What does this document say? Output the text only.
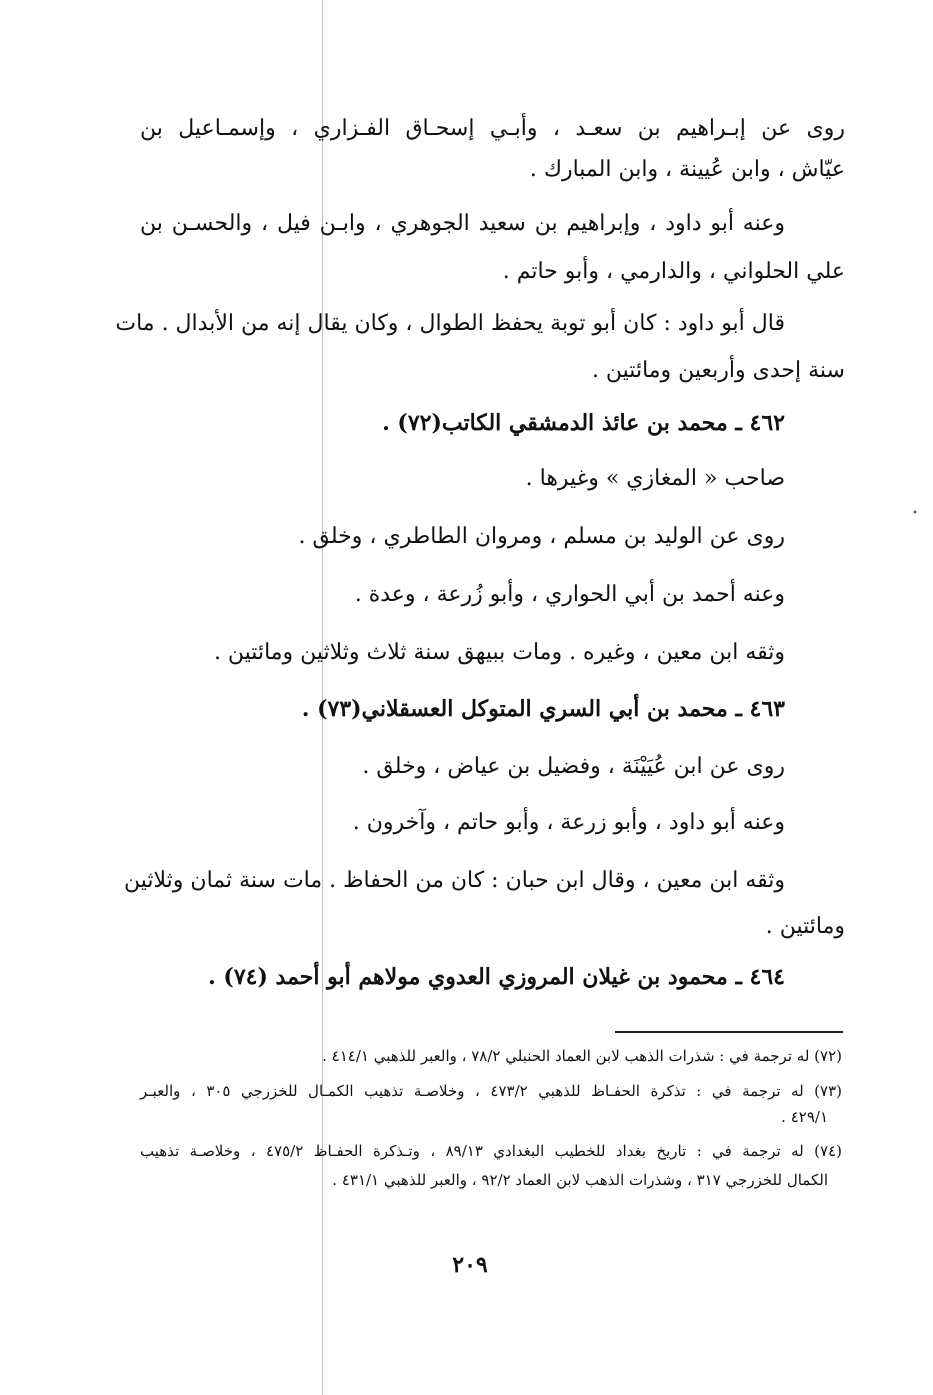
•
روى عن إبـراهيم بن سعـد ، وأبـي إسحـاق الفـزاري ، وإسمـاعيل بن
عيّاش ، وابن عُيينة ، وابن المبارك .
وعنه أبو داود ، وإبراهيم بن سعيد الجوهري ، وابـن فيل ، والحسـن بن
علي الحلواني ، والدارمي ، وأبو حاتم .
قال أبو داود : كان أبو توبة يحفظ الطوال ، وكان يقال إنه من الأبدال . مات
سنة إحدى وأربعين ومائتين .
٤٦٢ ـ محمد بن عائذ الدمشقي الكاتب(٧٢) .
صاحب « المغازي » وغيرها .
روى عن الوليد بن مسلم ، ومروان الطاطري ، وخلق .
وعنه أحمد بن أبي الحواري ، وأبو زُرعة ، وعدة .
وثقه ابن معين ، وغيره . ومات ببيهق سنة ثلاث وثلاثين ومائتين .
٤٦٣ ـ محمد بن أبي السري المتوكل العسقلاني(٧٣) .
روى عن ابن عُيَيْنَة ، وفضيل بن عياض ، وخلق .
وعنه أبو داود ، وأبو زرعة ، وأبو حاتم ، وآخرون .
وثقه ابن معين ، وقال ابن حبان : كان من الحفاظ . مات سنة ثمان وثلاثين
ومائتين .
٤٦٤ ـ محمود بن غيلان المروزي العدوي مولاهم أبو أحمد (٧٤) .
(٧٢) له ترجمة في : شذرات الذهب لابن العماد الحنبلي ٧٨/٢ ، والعبر للذهبي ٤١٤/١ .
(٧٣) له ترجمة في : تذكرة الحفـاظ للذهبي ٤٧٣/٢ ، وخلاصـة تذهيب الكمـال للخزرجي ٣٠٥ ، والعبـر
٤٢٩/١ .
(٧٤) له ترجمة في : تاريخ بغداد للخطيب البغدادي ٨٩/١٣ ، وتـذكرة الحفـاظ ٤٧٥/٢ ، وخلاصـة تذهيب
الكمال للخزرجي ٣١٧ ، وشذرات الذهب لابن العماد ٩٢/٢ ، والعبر للذهبي ٤٣١/١ .
٢٠٩
